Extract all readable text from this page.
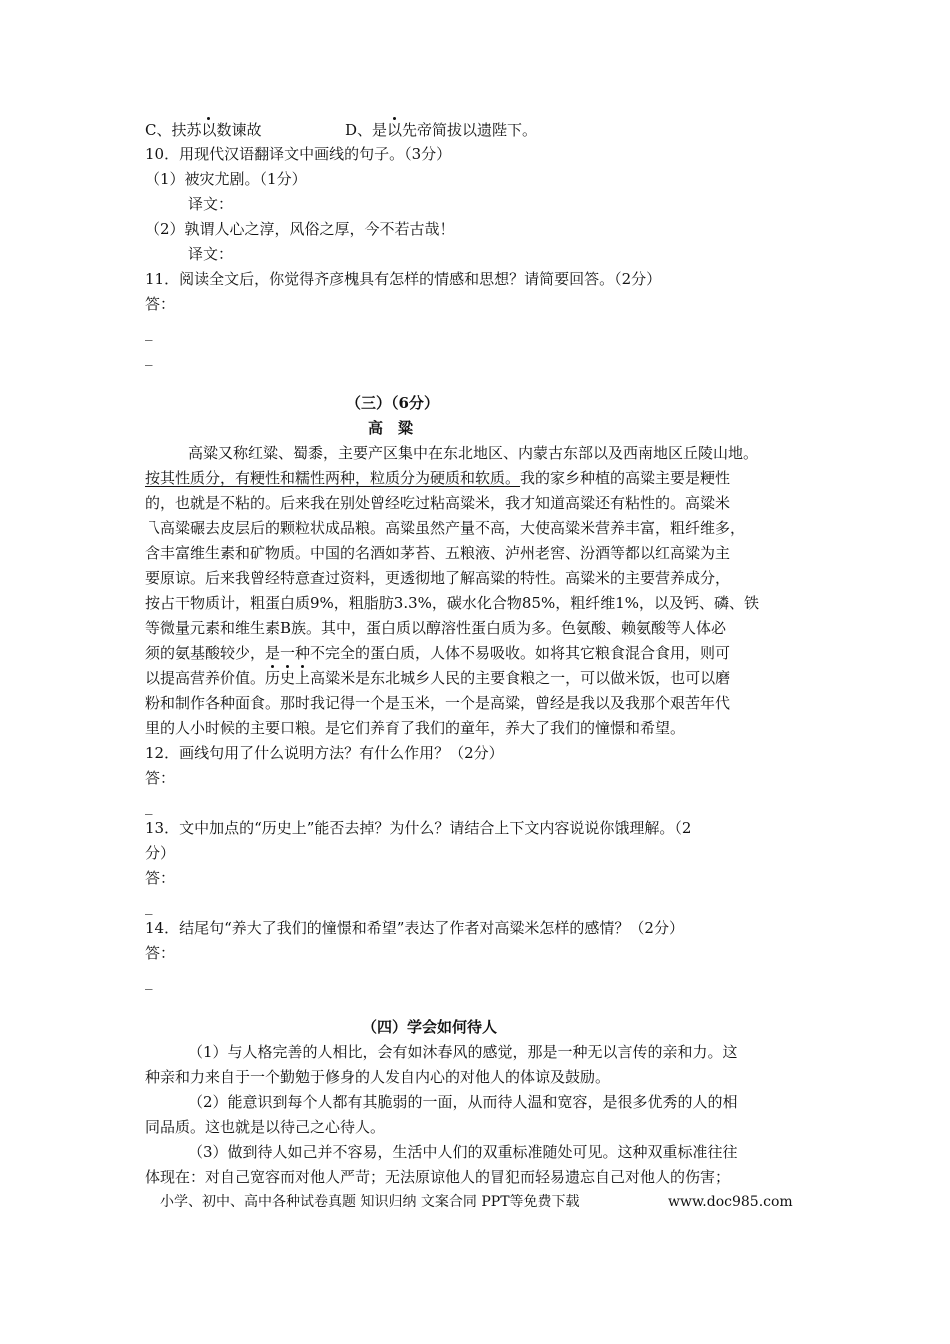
C、扶苏以数谏故	D、是以先帝简拔以遗陛下。
10．用现代汉语翻译文中画线的句子。（3分）
（1）被灾尤剧。（1分）
译文：
（2）孰谓人心之淳，风俗之厚，今不若古哉！
译文：
11．阅读全文后，你觉得齐彦槐具有怎样的情感和思想？请简要回答。（2分）
答：
_
_
（三）（6分）
高　粱
高粱又称红粱、蜀黍，主要产区集中在东北地区、内蒙古东部以及西南地区丘陵山地。
按其性质分，有粳性和糯性两种，粒质分为硬质和软质。我的家乡种植的高粱主要是粳性
的，也就是不粘的。后来我在别处曾经吃过粘高粱米，我才知道高粱还有粘性的。高粱米
乁高粱碾去皮层后的颗粒状成品粮。高粱虽然产量不高，大使高粱米营养丰富，粗纤维多，
含丰富维生素和矿物质。中国的名酒如茅苔、五粮液、泸州老窖、汾酒等都以红高粱为主
要原谅。后来我曾经特意查过资料，更透彻地了解高粱的特性。高粱米的主要营养成分，
按占干物质计，粗蛋白质9%，粗脂肪3.3%，碳水化合物85%，粗纤维1%，以及钙、磷、铁
等微量元素和维生素B族。其中，蛋白质以醇溶性蛋白质为多。色氨酸、赖氨酸等人体必
须的氨基酸较少，是一种不完全的蛋白质，人体不易吸收。如将其它粮食混合食用，则可
以提高营养价值。历史上高粱米是东北城乡人民的主要食粮之一，可以做米饭，也可以磨
粉和制作各种面食。那时我记得一个是玉米，一个是高粱，曾经是我以及我那个艰苦年代
里的人小时候的主要口粮。是它们养育了我们的童年，养大了我们的憧憬和希望。
12．画线句用了什么说明方法？有什么作用？（2分）
答：
_
13．文中加点的“历史上”能否去掉？为什么？请结合上下文内容说说你饿理解。（2
分）
答：
_
14．结尾句“养大了我们的憧憬和希望”表达了作者对高粱米怎样的感情？（2分）
答：
_
（四）学会如何待人
（1）与人格完善的人相比，会有如沐春风的感觉，那是一种无以言传的亲和力。这
种亲和力来自于一个勤勉于修身的人发自内心的对他人的体谅及鼓励。
（2）能意识到每个人都有其脆弱的一面，从而待人温和宽容，是很多优秀的人的相
同品质。这也就是以待己之心待人。
（3）做到待人如己并不容易，生活中人们的双重标准随处可见。这种双重标准往往
体现在：对自己宽容而对他人严苛；无法原谅他人的冒犯而轻易遗忘自己对他人的伤害；
小学、初中、高中各种试卷真题 知识归纳 文案合同 PPT等免费下载	www.doc985.com
